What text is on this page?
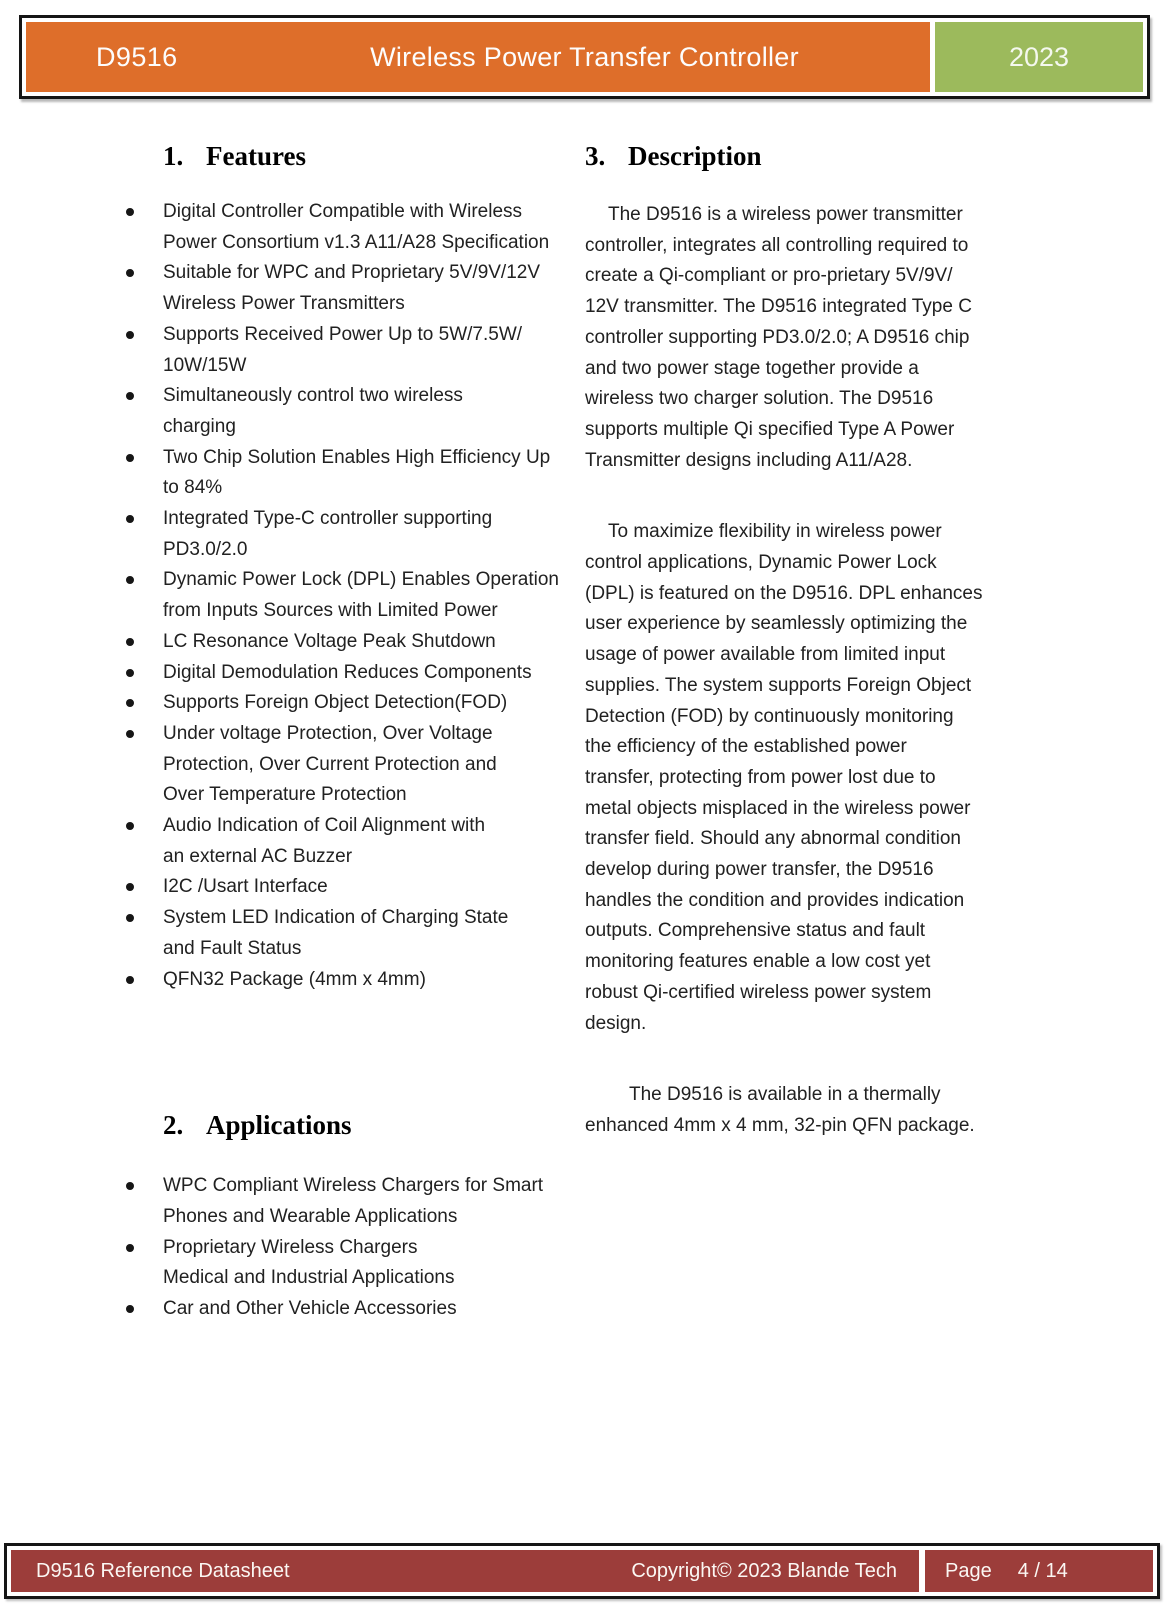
D9516	2023
Wireless Power Transfer Controller
1. Features
Digital Controller Compatible with Wireless
Power Consortium v1.3 A11/A28 Specification
Suitable for WPC and Proprietary 5V/9V/12V
Wireless Power Transmitters
Supports Received Power Up to 5W/7.5W/
10W/15W
Simultaneously control two wireless
charging
Two Chip Solution Enables High Efficiency Up
to 84%
Integrated Type-C controller supporting
PD3.0/2.0
Dynamic Power Lock (DPL) Enables Operation
from Inputs Sources with Limited Power
LC Resonance Voltage Peak Shutdown
Digital Demodulation Reduces Components
Supports Foreign Object Detection(FOD)
Under voltage Protection, Over Voltage
Protection, Over Current Protection and
Over Temperature Protection
Audio Indication of Coil Alignment with
an external AC Buzzer
I2C /Usart Interface
System LED Indication of Charging State
and Fault Status
QFN32 Package (4mm x 4mm)
2. Applications
WPC Compliant Wireless Chargers for Smart
Phones and Wearable Applications
Proprietary Wireless Chargers
Medical and Industrial Applications
Car and Other Vehicle Accessories
3. Description
The D9516 is a wireless power transmitter
controller, integrates all controlling required to
create a Qi-compliant or pro-prietary 5V/9V/
12V transmitter. The D9516 integrated Type C
controller supporting PD3.0/2.0; A D9516 chip
and two power stage together provide a
wireless two charger solution. The D9516
supports multiple Qi specified Type A Power
Transmitter designs including A11/A28.
To maximize flexibility in wireless power
control applications, Dynamic Power Lock
(DPL) is featured on the D9516. DPL enhances
user experience by seamlessly optimizing the
usage of power available from limited input
supplies. The system supports Foreign Object
Detection (FOD) by continuously monitoring
the efficiency of the established power
transfer, protecting from power lost due to
metal objects misplaced in the wireless power
transfer field. Should any abnormal condition
develop during power transfer, the D9516
handles the condition and provides indication
outputs. Comprehensive status and fault
monitoring features enable a low cost yet
robust Qi-certified wireless power system
design.
The D9516 is available in a thermally
enhanced 4mm x 4 mm, 32-pin QFN package.
D9516 Reference Datasheet	Copyright© 2023 Blande Tech Page 4 / 14
